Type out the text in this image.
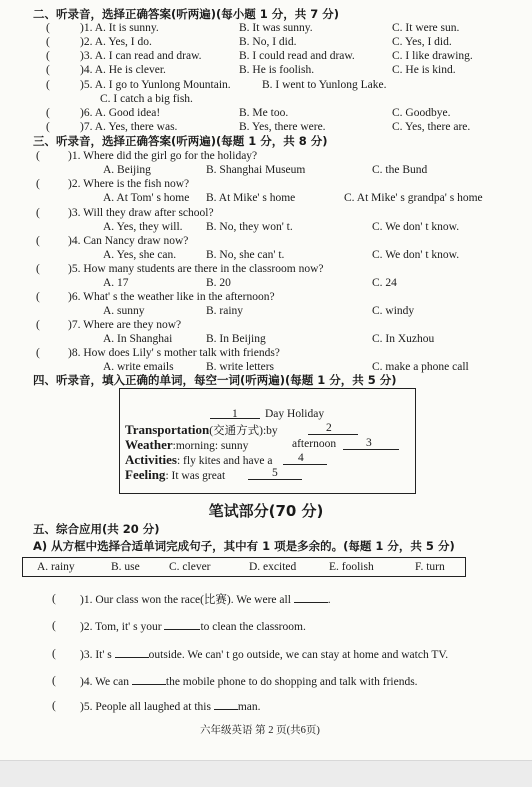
二、听录音，选择正确答案(听两遍)(每小题 1 分，共 7 分)
(	)1. A. It is sunny.	B. It was sunny.	C. It were sun.
(	)2. A. Yes, I do.	B. No, I did.	C. Yes, I did.
(	)3. A. I can read and draw.	B. I could read and draw.	C. I like drawing.
(	)4. A. He is clever.	B. He is foolish.	C. He is kind.
(	)5. A. I go to Yunlong Mountain.	B. I went to Yunlong Lake.
C. I catch a big fish.
(	)6. A. Good idea!	B. Me too.	C. Goodbye.
(	)7. A. Yes, there was.	B. Yes, there were.	C. Yes, there are.
三、听录音，选择正确答案(听两遍)(每题 1 分，共 8 分)
( )1. Where did the girl go for the holiday?
A. Beijing	B. Shanghai Museum	C. the Bund
( )2. Where is the fish now?
A. At Tom' s home B. At Mike' s home	C. At Mike' s grandpa' s home
( )3. Will they draw after school?
A. Yes, they will. B. No, they won' t.	C. We don' t know.
( )4. Can Nancy draw now?
A. Yes, she can.	B. No, she can' t.	C. We don' t know.
( )5. How many students are there in the classroom now?
A. 17	B. 20	C. 24
( )6. What' s the weather like in the afternoon?
A. sunny	B. rainy	C. windy
( )7. Where are they now?
A. In Shanghai	B. In Beijing	C. In Xuzhou
( )8. How does Lily' s mother talk with friends?
A. write emails	B. write letters	C. make a phone call
四、听录音，填入正确的单词，每空一词(听两遍)(每题 1 分，共 5 分)
1 Day Holiday
Transportation(交通方式):by	2
Weather:morning: sunny	afternoon	3
Activities: fly kites and have a 4
Feeling: It was great	5
笔试部分(70 分)
五、综合应用(共 20 分)
A) 从方框中选择合适单词完成句子，其中有 1 项是多余的。(每题 1 分，共 5 分)
A. rainy	B. use	C. clever	D. excited	E. foolish	F. turn
( )1. Our class won the race(比赛). We were all	.
( )2. Tom, it' s your	to clean the classroom.
( )3. It' s	outside. We can' t go outside, we can stay at home and watch TV.
( )4. We can	the mobile phone to do shopping and talk with friends.
( )5. People all laughed at this man.
六年级英语 第 2 页(共6页)
